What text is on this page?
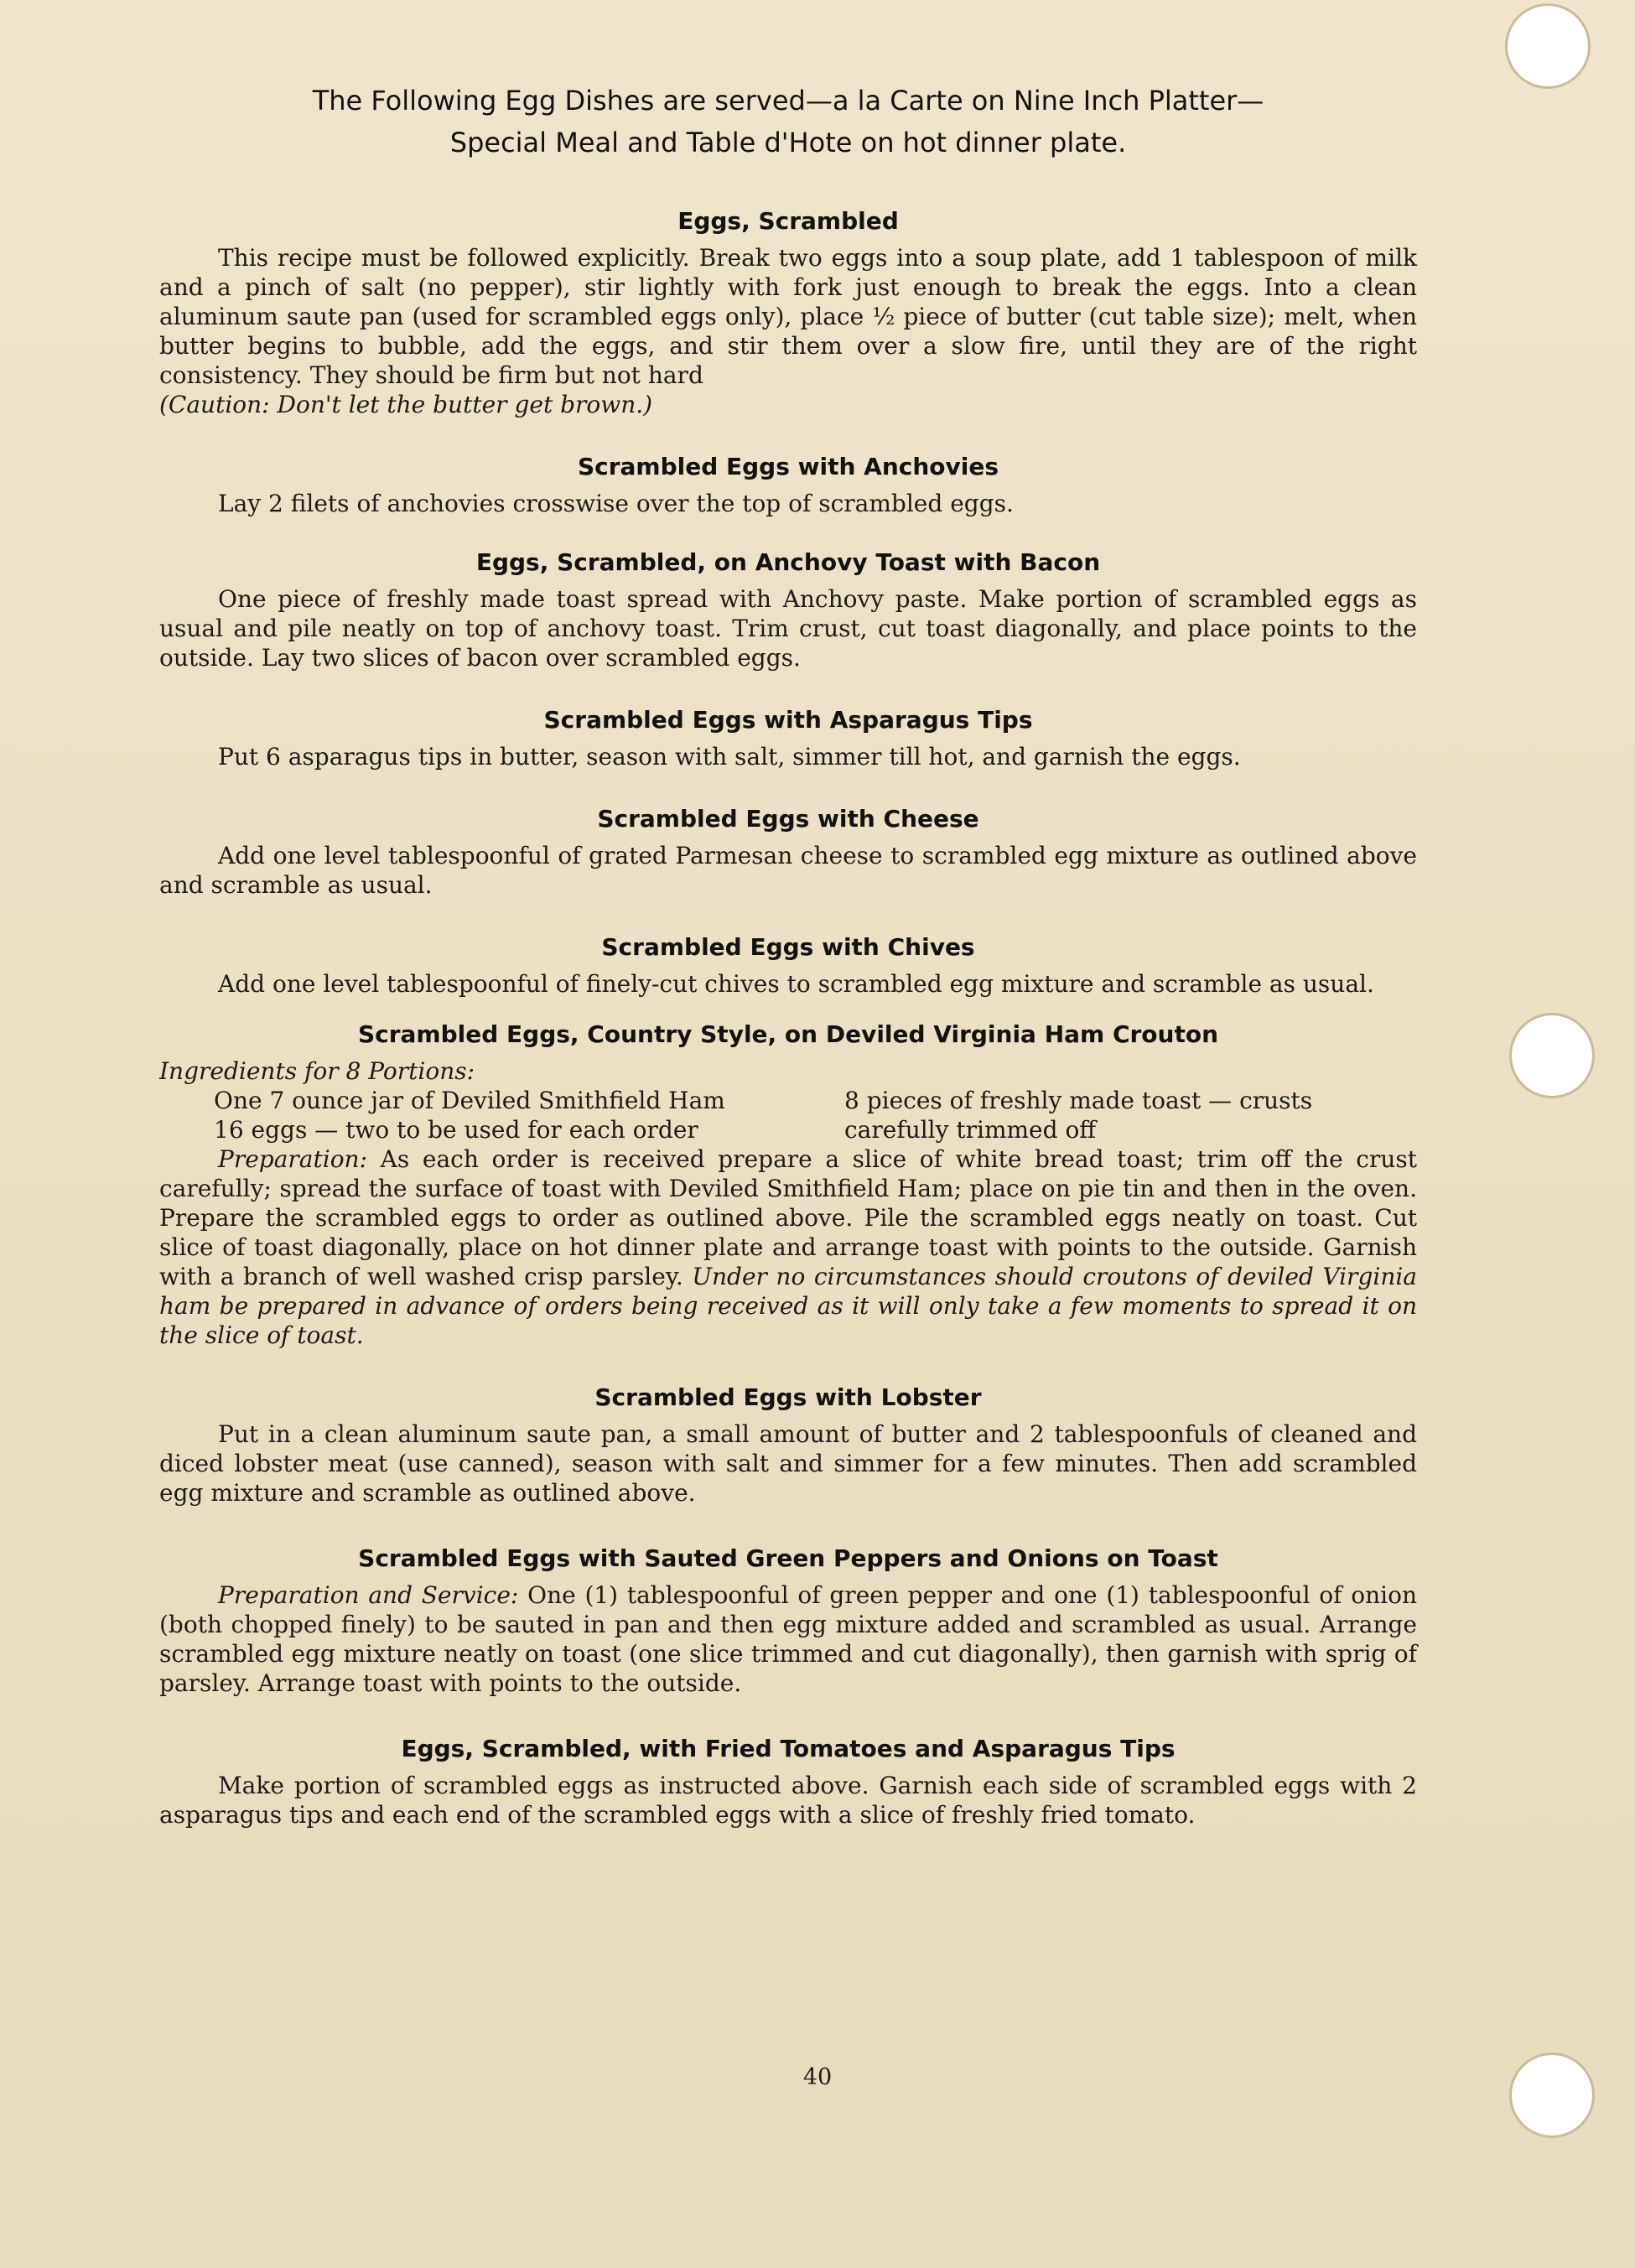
The Following Egg Dishes are served—a la Carte on Nine Inch Platter—
Special Meal and Table d'Hote on hot dinner plate.
Eggs, Scrambled

This recipe must be followed explicitly. Break two eggs into a soup plate, add 1 tablespoon of milk and a pinch of salt (no pepper), stir lightly with fork just enough to break the eggs. Into a clean aluminum saute pan (used for scrambled eggs only), place ½ piece of butter (cut table size); melt, when butter begins to bubble, add the eggs, and stir them over a slow fire, until they are of the right consistency. They should be firm but not hard
(Caution: Don't let the butter get brown.)

Scrambled Eggs with Anchovies

Lay 2 filets of anchovies crosswise over the top of scrambled eggs.

Eggs, Scrambled, on Anchovy Toast with Bacon

One piece of freshly made toast spread with Anchovy paste. Make portion of scrambled eggs as usual and pile neatly on top of anchovy toast. Trim crust, cut toast diagonally, and place points to the outside. Lay two slices of bacon over scrambled eggs.

Scrambled Eggs with Asparagus Tips

Put 6 asparagus tips in butter, season with salt, simmer till hot, and garnish the eggs.

Scrambled Eggs with Cheese

Add one level tablespoonful of grated Parmesan cheese to scrambled egg mixture as outlined above and scramble as usual.

Scrambled Eggs with Chives

Add one level tablespoonful of finely-cut chives to scrambled egg mixture and scramble as usual.

Scrambled Eggs, Country Style, on Deviled Virginia Ham Crouton
Ingredients for 8 Portions:
One 7 ounce jar of Deviled Smithfield Ham
16 eggs — two to be used for each order
8 pieces of freshly made toast — crusts
carefully trimmed off

Preparation: As each order is received prepare a slice of white bread toast; trim off the crust carefully; spread the surface of toast with Deviled Smithfield Ham; place on pie tin and then in the oven. Prepare the scrambled eggs to order as outlined above. Pile the scrambled eggs neatly on toast. Cut slice of toast diagonally, place on hot dinner plate and arrange toast with points to the outside. Garnish with a branch of well washed crisp parsley. Under no circumstances should croutons of deviled Virginia ham be prepared in advance of orders being received as it will only take a few moments to spread it on the slice of toast.

Scrambled Eggs with Lobster

Put in a clean aluminum saute pan, a small amount of butter and 2 tablespoonfuls of cleaned and diced lobster meat (use canned), season with salt and simmer for a few minutes. Then add scrambled egg mixture and scramble as outlined above.

Scrambled Eggs with Sauted Green Peppers and Onions on Toast

Preparation and Service: One (1) tablespoonful of green pepper and one (1) tablespoonful of onion (both chopped finely) to be sauted in pan and then egg mixture added and scrambled as usual. Arrange scrambled egg mixture neatly on toast (one slice trimmed and cut diagonally), then garnish with sprig of parsley. Arrange toast with points to the outside.

Eggs, Scrambled, with Fried Tomatoes and Asparagus Tips

Make portion of scrambled eggs as instructed above. Garnish each side of scrambled eggs with 2 asparagus tips and each end of the scrambled eggs with a slice of freshly fried tomato.

40
